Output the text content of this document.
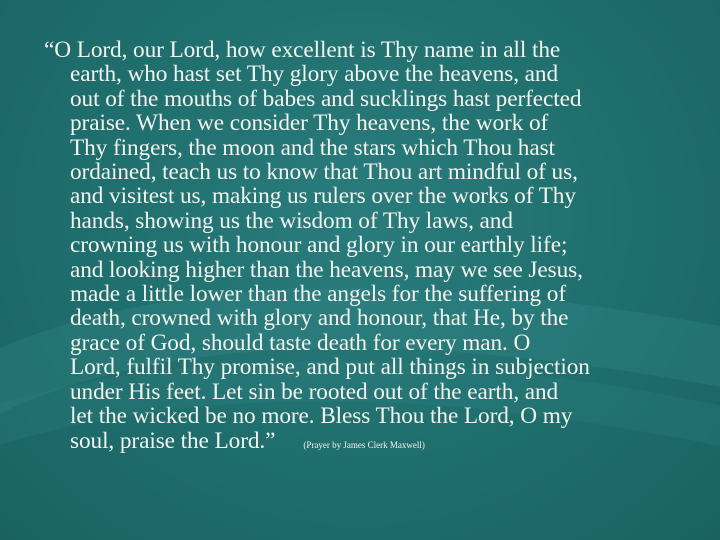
“O Lord, our Lord, how excellent is Thy name in all the
earth, who hast set Thy glory above the heavens, and
out of the mouths of babes and sucklings hast perfected
praise. When we consider Thy heavens, the work of
Thy fingers, the moon and the stars which Thou hast
ordained, teach us to know that Thou art mindful of us,
and visitest us, making us rulers over the works of Thy
hands, showing us the wisdom of Thy laws, and
crowning us with honour and glory in our earthly life;
and looking higher than the heavens, may we see Jesus,
made a little lower than the angels for the suffering of
death, crowned with glory and honour, that He, by the
grace of God, should taste death for every man. O
Lord, fulfil Thy promise, and put all things in subjection
under His feet. Let sin be rooted out of the earth, and
let the wicked be no more. Bless Thou the Lord, O my
soul, praise the Lord.”	(Prayer by James Clerk Maxwell)
